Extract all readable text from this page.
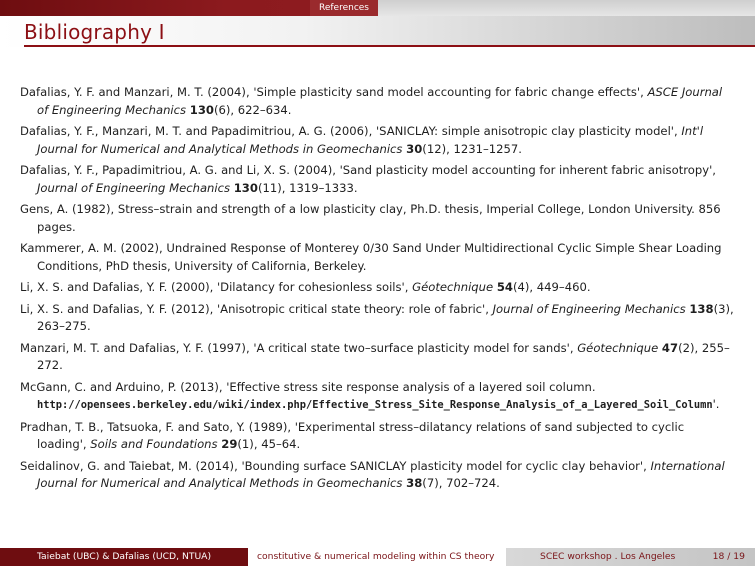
References
Bibliography I
Dafalias, Y. F. and Manzari, M. T. (2004), 'Simple plasticity sand model accounting for fabric change effects', ASCE Journal of Engineering Mechanics 130(6), 622–634.
Dafalias, Y. F., Manzari, M. T. and Papadimitriou, A. G. (2006), 'SANICLAY: simple anisotropic clay plasticity model', Int'l Journal for Numerical and Analytical Methods in Geomechanics 30(12), 1231–1257.
Dafalias, Y. F., Papadimitriou, A. G. and Li, X. S. (2004), 'Sand plasticity model accounting for inherent fabric anisotropy', Journal of Engineering Mechanics 130(11), 1319–1333.
Gens, A. (1982), Stress–strain and strength of a low plasticity clay, Ph.D. thesis, Imperial College, London University. 856 pages.
Kammerer, A. M. (2002), Undrained Response of Monterey 0/30 Sand Under Multidirectional Cyclic Simple Shear Loading Conditions, PhD thesis, University of California, Berkeley.
Li, X. S. and Dafalias, Y. F. (2000), 'Dilatancy for cohesionless soils', Géotechnique 54(4), 449–460.
Li, X. S. and Dafalias, Y. F. (2012), 'Anisotropic critical state theory: role of fabric', Journal of Engineering Mechanics 138(3), 263–275.
Manzari, M. T. and Dafalias, Y. F. (1997), 'A critical state two–surface plasticity model for sands', Géotechnique 47(2), 255–272.
McGann, C. and Arduino, P. (2013), 'Effective stress site response analysis of a layered soil column. http://opensees.berkeley.edu/wiki/index.php/Effective_Stress_Site_Response_Analysis_of_a_Layered_Soil_Column'.
Pradhan, T. B., Tatsuoka, F. and Sato, Y. (1989), 'Experimental stress–dilatancy relations of sand subjected to cyclic loading', Soils and Foundations 29(1), 45–64.
Seidalinov, G. and Taiebat, M. (2014), 'Bounding surface SANICLAY plasticity model for cyclic clay behavior', International Journal for Numerical and Analytical Methods in Geomechanics 38(7), 702–724.
Taiebat (UBC) & Dafalias (UCD, NTUA)	constitutive & numerical modeling within CS theory	SCEC workshop . Los Angeles	18 / 19
